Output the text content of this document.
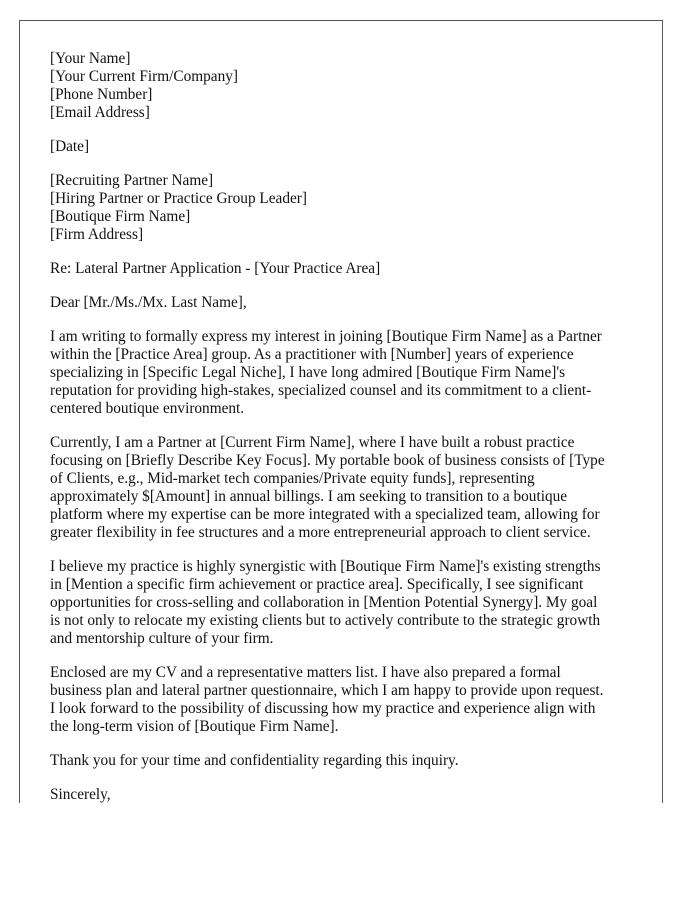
[Your Name]
[Your Current Firm/Company]
[Phone Number]
[Email Address]
[Date]
[Recruiting Partner Name]
[Hiring Partner or Practice Group Leader]
[Boutique Firm Name]
[Firm Address]
Re: Lateral Partner Application - [Your Practice Area]
Dear [Mr./Ms./Mx. Last Name],
I am writing to formally express my interest in joining [Boutique Firm Name] as a Partner
within the [Practice Area] group. As a practitioner with [Number] years of experience
specializing in [Specific Legal Niche], I have long admired [Boutique Firm Name]'s
reputation for providing high-stakes, specialized counsel and its commitment to a client-
centered boutique environment.
Currently, I am a Partner at [Current Firm Name], where I have built a robust practice
focusing on [Briefly Describe Key Focus]. My portable book of business consists of [Type
of Clients, e.g., Mid-market tech companies/Private equity funds], representing
approximately $[Amount] in annual billings. I am seeking to transition to a boutique
platform where my expertise can be more integrated with a specialized team, allowing for
greater flexibility in fee structures and a more entrepreneurial approach to client service.
I believe my practice is highly synergistic with [Boutique Firm Name]'s existing strengths
in [Mention a specific firm achievement or practice area]. Specifically, I see significant
opportunities for cross-selling and collaboration in [Mention Potential Synergy]. My goal
is not only to relocate my existing clients but to actively contribute to the strategic growth
and mentorship culture of your firm.
Enclosed are my CV and a representative matters list. I have also prepared a formal
business plan and lateral partner questionnaire, which I am happy to provide upon request.
I look forward to the possibility of discussing how my practice and experience align with
the long-term vision of [Boutique Firm Name].
Thank you for your time and confidentiality regarding this inquiry.
Sincerely,
